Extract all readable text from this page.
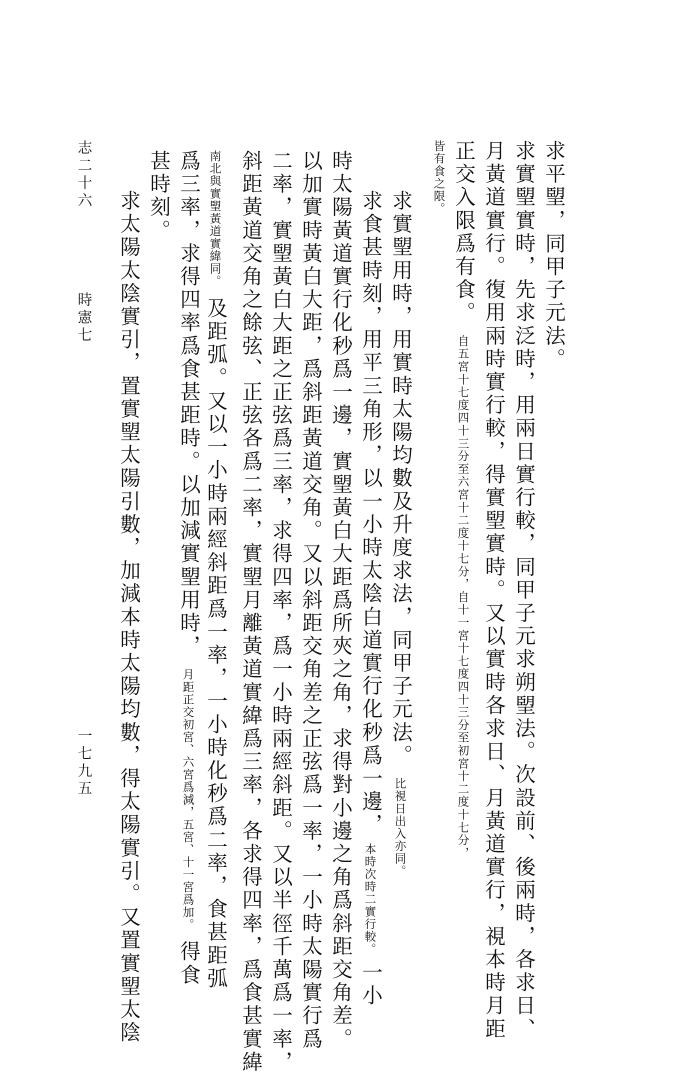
求平朢，同甲子元法。
求實朢實時，先求泛時，用兩日實行較，同甲子元求朔朢法。次設前、後兩時，各求日、
月黃道實行。復用兩時實行較，得實朢實時。又以實時各求日、月黃道實行，視本時月距
正交入限爲有食。自五宮十七度四十三分至六宮十二度十七分，自十一宮十七度四十三分至初宮十二度十七分，
皆有食之限。
求實朢用時，用實時太陽均數及升度求法，同甲子元法。比視日出入亦同。
求食甚時刻，用平三角形，以一小時太陰白道實行化秒爲一邊，本時次時二實行較。一小
時太陽黃道實行化秒爲一邊，實朢黃白大距爲所夾之角，求得對小邊之角爲斜距交角差。
以加實時黃白大距，爲斜距黃道交角。又以斜距交角差之正弦爲一率，一小時太陽實行爲
二率，實朢黃白大距之正弦爲三率，求得四率，爲一小時兩經斜距。又以半徑千萬爲一率，
斜距黃道交角之餘弦、正弦各爲二率，實朢月離黃道實緯爲三率，各求得四率，爲食甚實緯
南北與實朢黃道實緯同。及距弧。又以一小時兩經斜距爲一率，一小時化秒爲二率，食甚距弧
爲三率，求得四率爲食甚距時。以加減實朢用時，月距正交初宮、六宮爲減，五宮、十一宮爲加。得食
甚時刻。
求太陽太陰實引，置實朢太陽引數，加減本時太陽均數，得太陽實引。又置實朢太陰
志二十六
時憲七
一七九五
